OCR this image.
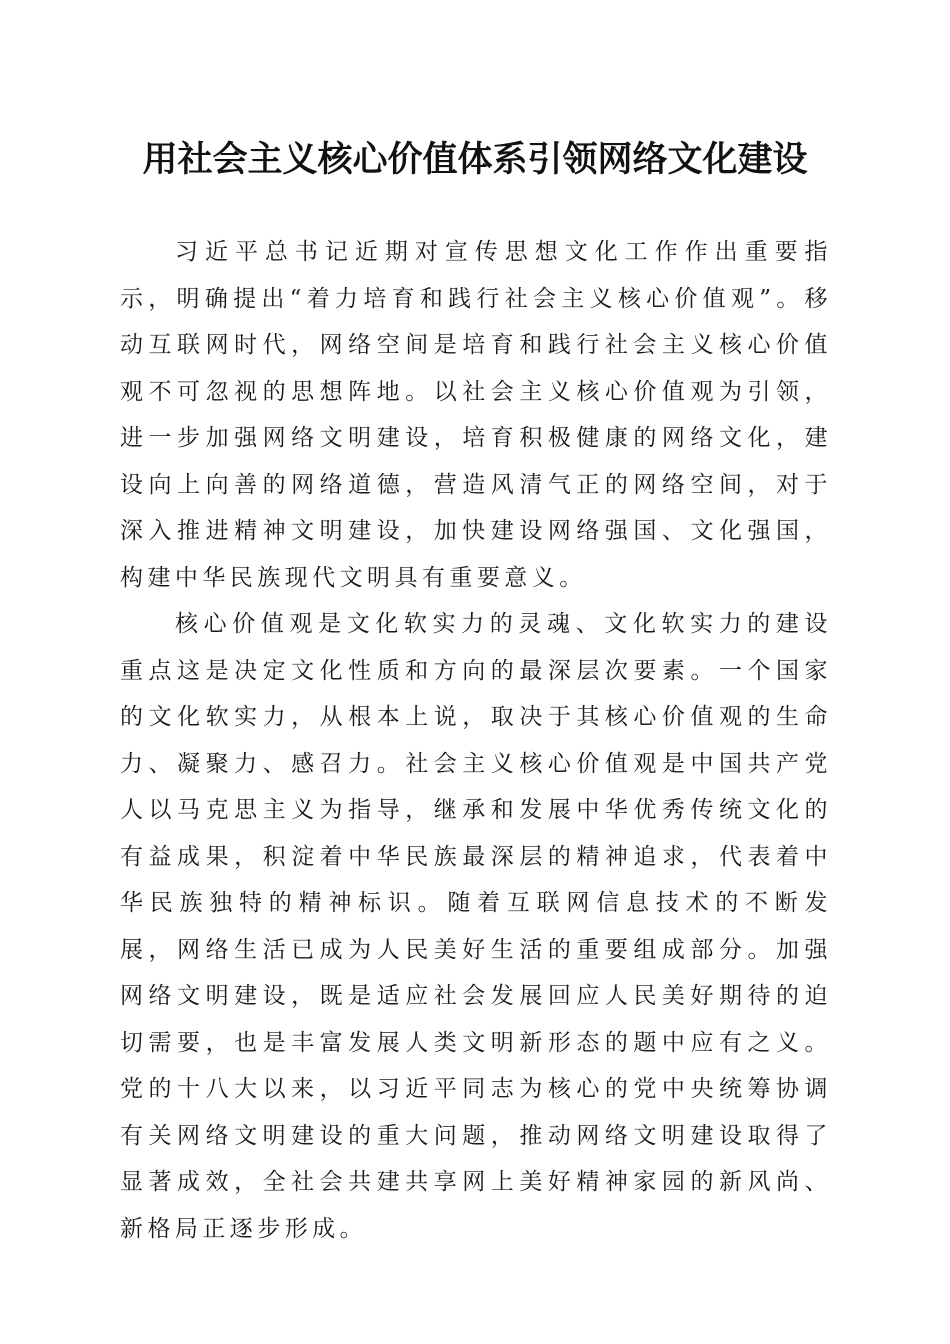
用社会主义核心价值体系引领网络文化建设

习近平总书记近期对宣传思想文化工作作出重要指示，明确提出“着力培育和践行社会主义核心价值观”。移动互联网时代，网络空间是培育和践行社会主义核心价值观不可忽视的思想阵地。以社会主义核心价值观为引领，进一步加强网络文明建设，培育积极健康的网络文化，建设向上向善的网络道德，营造风清气正的网络空间，对于深入推进精神文明建设，加快建设网络强国、文化强国，构建中华民族现代文明具有重要意义。

核心价值观是文化软实力的灵魂、文化软实力的建设重点这是决定文化性质和方向的最深层次要素。一个国家的文化软实力，从根本上说，取决于其核心价值观的生命力、凝聚力、感召力。社会主义核心价值观是中国共产党人以马克思主义为指导，继承和发展中华优秀传统文化的有益成果，积淀着中华民族最深层的精神追求，代表着中华民族独特的精神标识。随着互联网信息技术的不断发展，网络生活已成为人民美好生活的重要组成部分。加强网络文明建设，既是适应社会发展回应人民美好期待的迫切需要，也是丰富发展人类文明新形态的题中应有之义。党的十八大以来，以习近平同志为核心的党中央统筹协调有关网络文明建设的重大问题，推动网络文明建设取得了显著成效，全社会共建共享网上美好精神家园的新风尚、新格局正逐步形成。
